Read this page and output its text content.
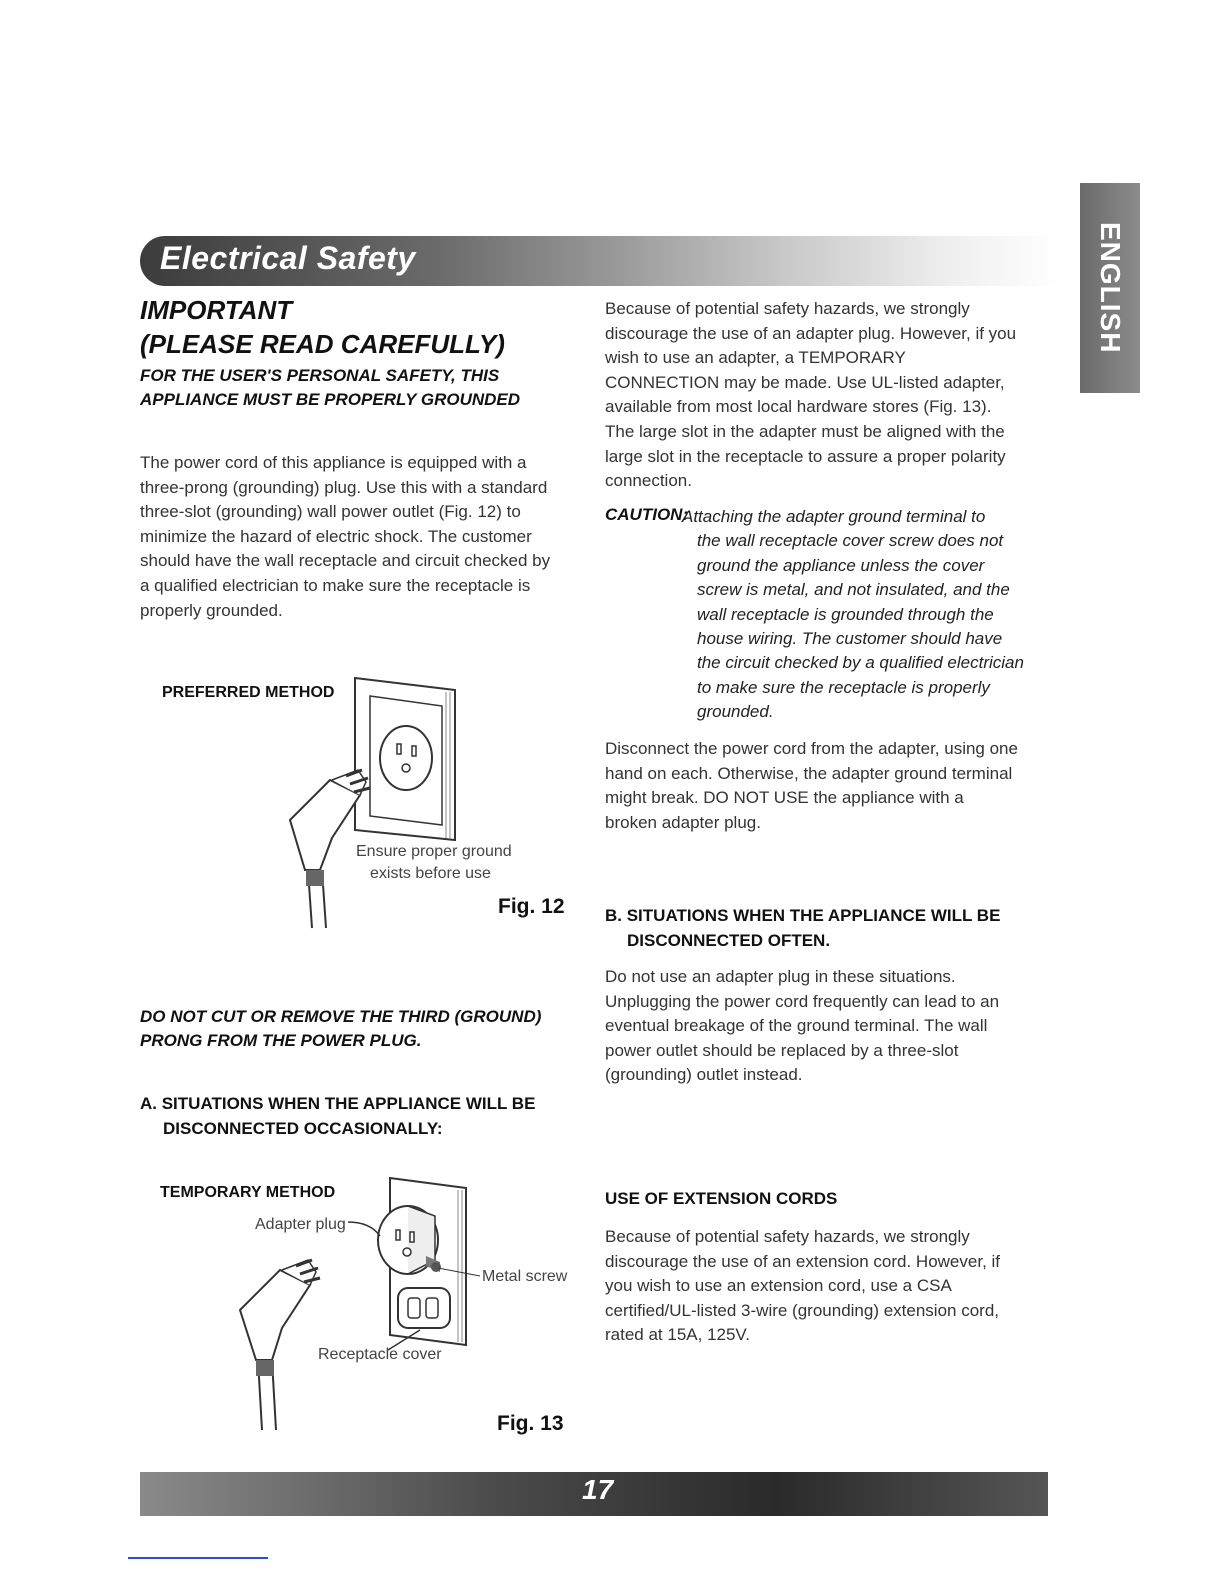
Electrical Safety	ENGLISH
IMPORTANT
(PLEASE READ CAREFULLY)
FOR THE USER'S PERSONAL SAFETY, THIS
APPLIANCE MUST BE PROPERLY GROUNDED
The power cord of this appliance is equipped with a
three-prong (grounding) plug. Use this with a standard
three-slot (grounding) wall power outlet (Fig. 12) to
minimize the hazard of electric shock. The customer
should have the wall receptacle and circuit checked by
a qualified electrician to make sure the receptacle is
properly grounded.
PREFERRED METHOD
Ensure proper ground
exists before use
Fig. 12
DO NOT CUT OR REMOVE THE THIRD (GROUND)
PRONG FROM THE POWER PLUG.
A. SITUATIONS WHEN THE APPLIANCE WILL BE
DISCONNECTED OCCASIONALLY:
TEMPORARY METHOD
Adapter plug
Metal screw
Receptacle cover
Fig. 13
Because of potential safety hazards, we strongly
discourage the use of an adapter plug. However, if you
wish to use an adapter, a TEMPORARY
CONNECTION may be made. Use UL-listed adapter,
available from most local hardware stores (Fig. 13).
The large slot in the adapter must be aligned with the
large slot in the receptacle to assure a proper polarity
connection.
CAUTION:
Attaching the adapter ground terminal to
the wall receptacle cover screw does not
ground the appliance unless the cover
screw is metal, and not insulated, and the
wall receptacle is grounded through the
house wiring. The customer should have
the circuit checked by a qualified electrician
to make sure the receptacle is properly
grounded.
Disconnect the power cord from the adapter, using one
hand on each. Otherwise, the adapter ground terminal
might break. DO NOT USE the appliance with a
broken adapter plug.
B. SITUATIONS WHEN THE APPLIANCE WILL BE
DISCONNECTED OFTEN.
Do not use an adapter plug in these situations.
Unplugging the power cord frequently can lead to an
eventual breakage of the ground terminal. The wall
power outlet should be replaced by a three-slot
(grounding) outlet instead.
USE OF EXTENSION CORDS
Because of potential safety hazards, we strongly
discourage the use of an extension cord. However, if
you wish to use an extension cord, use a CSA
certified/UL-listed 3-wire (grounding) extension cord,
rated at 15A, 125V.
17
